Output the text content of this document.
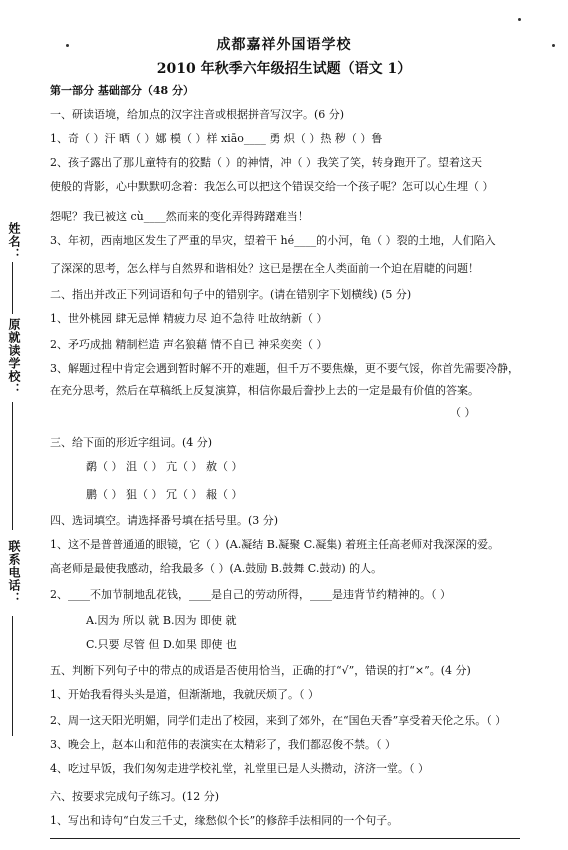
成都嘉祥外国语学校
2010 年秋季六年级招生试题（语文 1）
姓名：
原就读学校：
联系电话：
第一部分 基础部分（48 分）
一、研读语境，给加点的汉字注音或根据拼音写汉字。(6 分)
1、奇（ ）汗 晒（ ）娜 模（ ）样 xiāo____ 勇 炽（ ）热 秽（ ）鲁
2、孩子露出了那儿童特有的狡黠（ ）的神情，冲（ ）我笑了笑，转身跑开了。望着这天
使般的背影，心中默默叨念着：我怎么可以把这个错误交给一个孩子呢？怎可以心生埋（ ）
怨呢？我已被这 cù____然而来的变化弄得踌躇难当！
3、年初，西南地区发生了严重的旱灾，望着干 hé____的小河，龟（ ）裂的土地，人们陷入
了深深的思考，怎么样与自然界和谐相处？这已是摆在全人类面前一个迫在眉睫的问题！
二、指出并改正下列词语和句子中的错别字。(请在错别字下划横线) (5 分)
1、世外桃园 肆无忌惮 精疲力尽 迫不急待 吐故纳新（ ）
2、矛巧成拙 精制栏造 声名狼藉 情不自已 神采奕奕（ ）
3、解题过程中肯定会遇到暂时解不开的难题，但千万不要焦燥，更不要气馁，你首先需要冷静，
在充分思考，然后在草稿纸上反复演算，相信你最后誊抄上去的一定是最有价值的答案。
（ ）
三、给下面的形近字组词。(4 分)
鹬（ ） 沮（ ） 亢（ ） 赦（ ）
鹏（ ） 狙（ ） 冗（ ） 赧（ ）
四、选词填空。请选择番号填在括号里。(3 分)
1、这不是普普通通的眼镜，它（ ）(A.凝结 B.凝聚 C.凝集) 着班主任高老师对我深深的爱。
高老师是最使我感动，给我最多（ ）(A.鼓励 B.鼓舞 C.鼓动) 的人。
2、____不加节制地乱花钱，____是自己的劳动所得，____是违背节约精神的。（ ）
A.因为 所以 就 B.因为 即使 就
C.只要 尽管 但 D.如果 即使 也
五、判断下列句子中的带点的成语是否使用恰当，正确的打“√”，错误的打“×”。(4 分)
1、开始我看得头头是道，但渐渐地，我就厌烦了。（ ）
2、周一这天阳光明媚，同学们走出了校园，来到了郊外，在“国色天香”享受着天伦之乐。（ ）
3、晚会上，赵本山和范伟的表演实在太精彩了，我们都忍俊不禁。（ ）
4、吃过早饭，我们匆匆走进学校礼堂，礼堂里已是人头攒动，济济一堂。（ ）
六、按要求完成句子练习。(12 分)
1、写出和诗句“白发三千丈，缘愁似个长”的修辞手法相同的一个句子。
